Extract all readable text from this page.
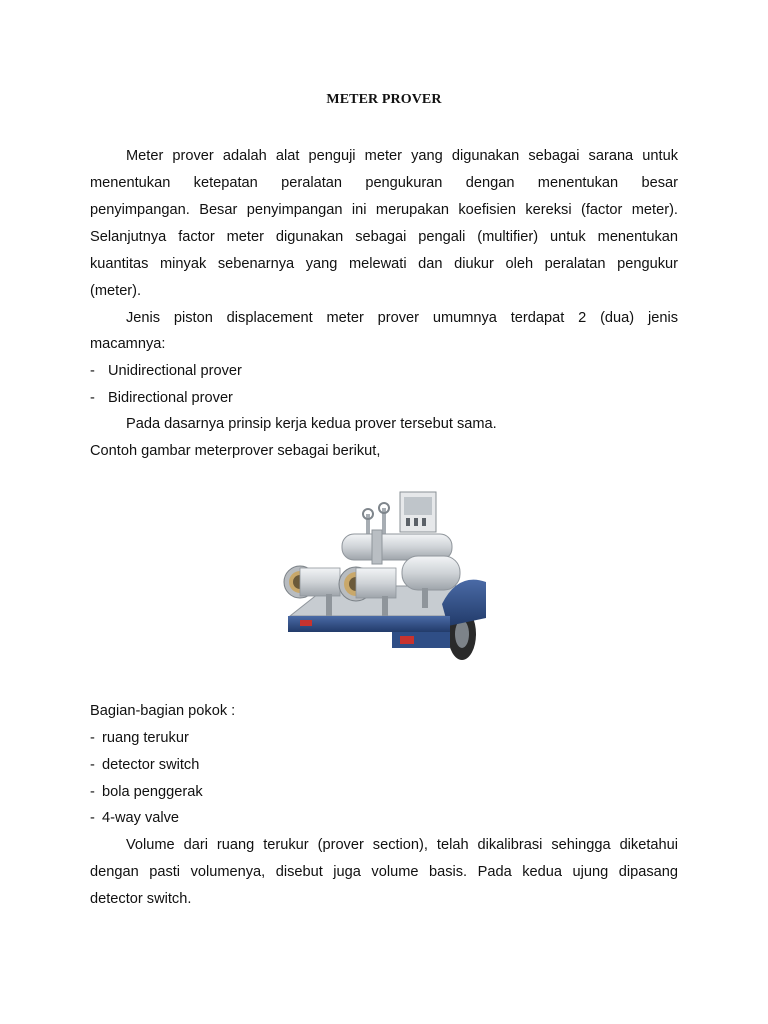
METER PROVER

Meter prover adalah alat penguji meter yang digunakan sebagai sarana untuk

menentukan ketepatan peralatan pengukuran dengan menentukan besar

penyimpangan. Besar penyimpangan ini merupakan koefisien kereksi (factor meter).

Selanjutnya factor meter digunakan sebagai pengali (multifier) untuk menentukan

kuantitas minyak sebenarnya yang melewati dan diukur oleh peralatan pengukur

(meter).

Jenis piston displacement meter prover umumnya terdapat 2 (dua) jenis

macamnya:

- Unidirectional prover

- Bidirectional prover

Pada dasarnya prinsip kerja kedua prover tersebut sama.

Contoh gambar meterprover sebagai berikut,

Bagian-bagian pokok :

- ruang terukur

- detector switch

- bola penggerak

- 4-way valve

Volume dari ruang terukur (prover section), telah dikalibrasi sehingga diketahui

dengan pasti volumenya, disebut juga volume basis. Pada kedua ujung dipasang

detector switch.
